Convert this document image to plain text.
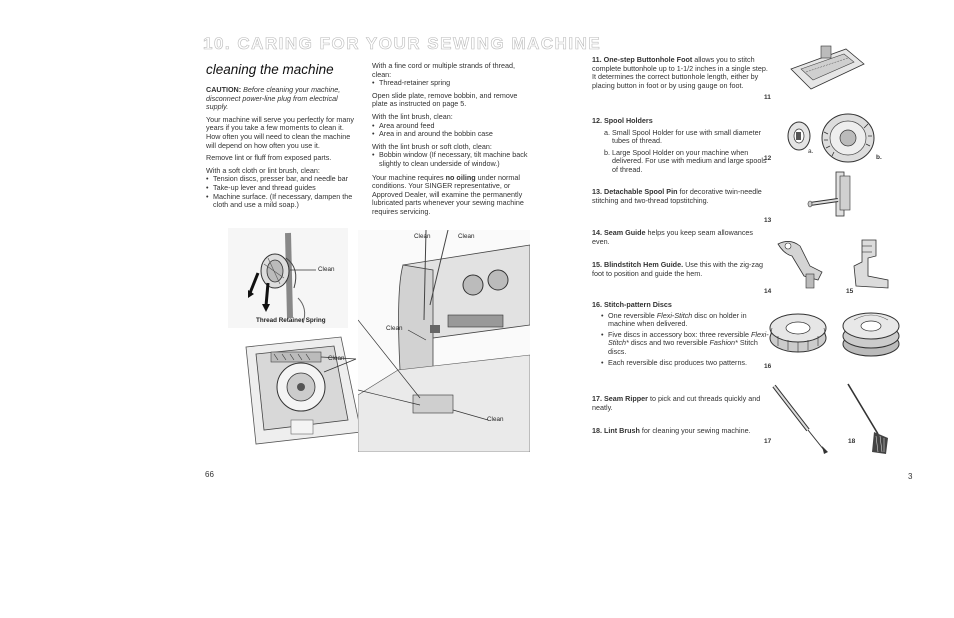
10. CARING FOR YOUR SEWING MACHINE
cleaning the machine

CAUTION: Before cleaning your machine, disconnect power-line plug from electrical supply.

Your machine will serve you perfectly for many years if you take a few moments to clean it. How often you will need to clean the machine will depend on how often you use it.

Remove lint or fluff from exposed parts.

With a soft cloth or lint brush, clean:

• Tension discs, presser bar, and needle bar
• Take-up lever and thread guides
• Machine surface. (If necessary, dampen the cloth and use a mild soap.)

With a fine cord or multiple strands of thread, clean:

• Thread-retainer spring

Open slide plate, remove bobbin, and remove plate as instructed on page 5.

With the lint brush, clean:

• Area around feed
• Area in and around the bobbin case

With the lint brush or soft cloth, clean:

• Bobbin window (If necessary, tilt machine back slightly to clean underside of window.)

Your machine requires no oiling under normal conditions. Your SINGER representative, or Approved Dealer, will examine the permanently lubricated parts whenever your sewing machine requires servicing.

Clean
Thread Retainer Spring
Clean
Clean	Clean
Clean
Clean
66
11. One-step Buttonhole Foot allows you to stitch complete buttonhole up to 1-1/2 inches in a single step. It determines the correct buttonhole length, either by placing button in foot or by using gauge on foot.
12. Spool Holders
a. Small Spool Holder for use with small diameter tubes of thread.
b. Large Spool Holder on your machine when delivered. For use with medium and large spools of thread.
13. Detachable Spool Pin for decorative twin-needle stitching and two-thread topstitching.
14. Seam Guide helps you keep seam allowances even.
15. Blindstitch Hem Guide. Use this with the zig-zag foot to position and guide the hem.
16. Stitch-pattern Discs
• One reversible Flexi-Stitch disc on holder in machine when delivered.
• Five discs in accessory box: three reversible Flexi-Stitch* discs and two reversible Fashion* Stitch discs.
• Each reversible disc produces two patterns.
17. Seam Ripper to pick and cut threads quickly and neatly.
18. Lint Brush for cleaning your sewing machine.
11
a.
b.
12
13
14	15
16
17	18
3
